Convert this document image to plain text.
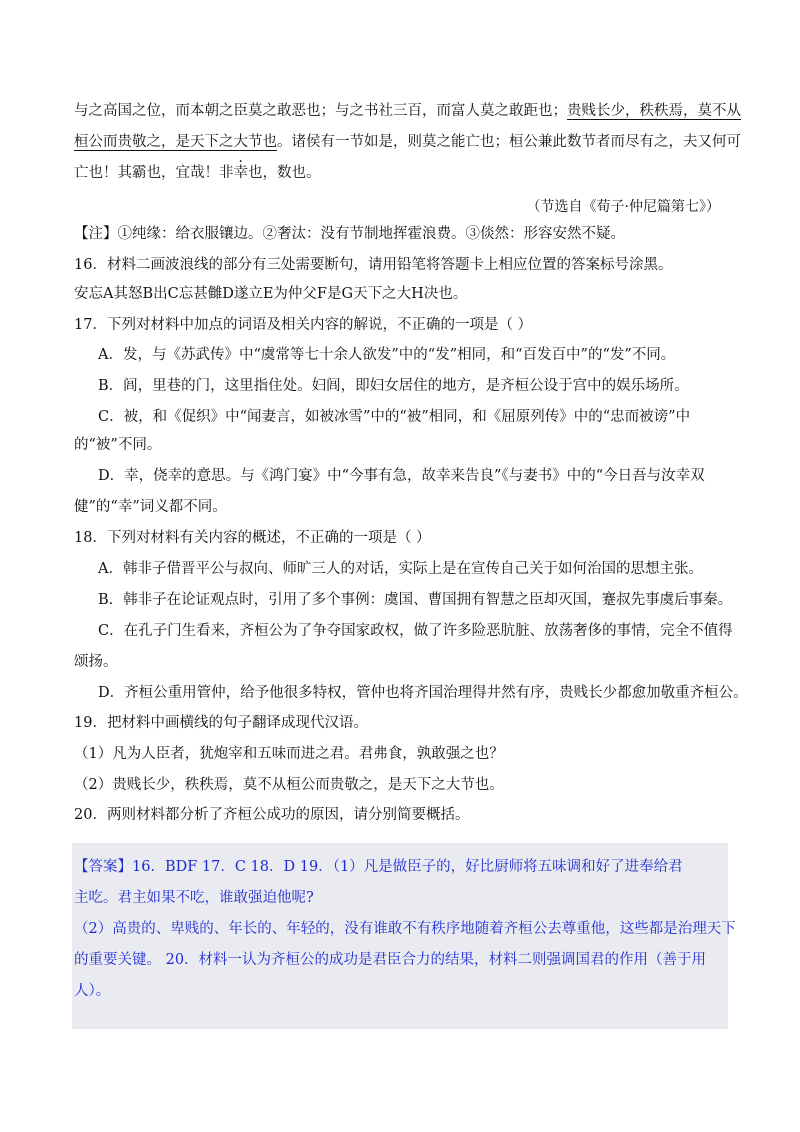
与之高国之位，而本朝之臣莫之敢恶也；与之书社三百，而富人莫之敢距也；贵贱长少，秩秩焉，莫不从
桓公而贵敬之，是天下之大节也。诸侯有一节如是，则莫之能亡也；桓公兼此数节者而尽有之，夫又何可
亡也！其霸也，宜哉！非幸也，数也。
（节选自《荀子·仲尼篇第七》）
【注】①纯缘：给衣服镶边。②奢汰：没有节制地挥霍浪费。③倓然：形容安然不疑。
16．材料二画波浪线的部分有三处需要断句，请用铅笔将答题卡上相应位置的答案标号涂黑。
安忘A其怒B出C忘甚雠D遂立E为仲父F是G天下之大H决也。
17．下列对材料中加点的词语及相关内容的解说，不正确的一项是（ ）
A．发，与《苏武传》中“虞常等七十余人欲发”中的“发”相同，和“百发百中”的“发”不同。
B．闾，里巷的门，这里指住处。妇闾，即妇女居住的地方，是齐桓公设于宫中的娱乐场所。
C．被，和《促织》中“闻妻言，如被冰雪”中的“被”相同，和《屈原列传》中的“忠而被谤”中
的“被”不同。
D．幸，侥幸的意思。与《鸿门宴》中“今事有急，故幸来告良”《与妻书》中的“今日吾与汝幸双
健”的“幸”词义都不同。
18．下列对材料有关内容的概述，不正确的一项是（ ）
A．韩非子借晋平公与叔向、师旷三人的对话，实际上是在宣传自己关于如何治国的思想主张。
B．韩非子在论证观点时，引用了多个事例：虞国、曹国拥有智慧之臣却灭国，蹇叔先事虞后事秦。
C．在孔子门生看来，齐桓公为了争夺国家政权，做了许多险恶肮脏、放荡奢侈的事情，完全不值得
颂扬。
D．齐桓公重用管仲，给予他很多特权，管仲也将齐国治理得井然有序，贵贱长少都愈加敬重齐桓公。
19．把材料中画横线的句子翻译成现代汉语。
（1）凡为人臣者，犹炮宰和五味而进之君。君弗食，孰敢强之也？
（2）贵贱长少，秩秩焉，莫不从桓公而贵敬之，是天下之大节也。
20．两则材料都分析了齐桓公成功的原因，请分别简要概括。
【答案】16．BDF 17．C 18．D 19．（1）凡是做臣子的，好比厨师将五味调和好了进奉给君
主吃。君主如果不吃，谁敢强迫他呢?
（2）高贵的、卑贱的、年长的、年轻的，没有谁敢不有秩序地随着齐桓公去尊重他，这些都是治理天下
的重要关键。 20．材料一认为齐桓公的成功是君臣合力的结果，材料二则强调国君的作用（善于用
人）。
